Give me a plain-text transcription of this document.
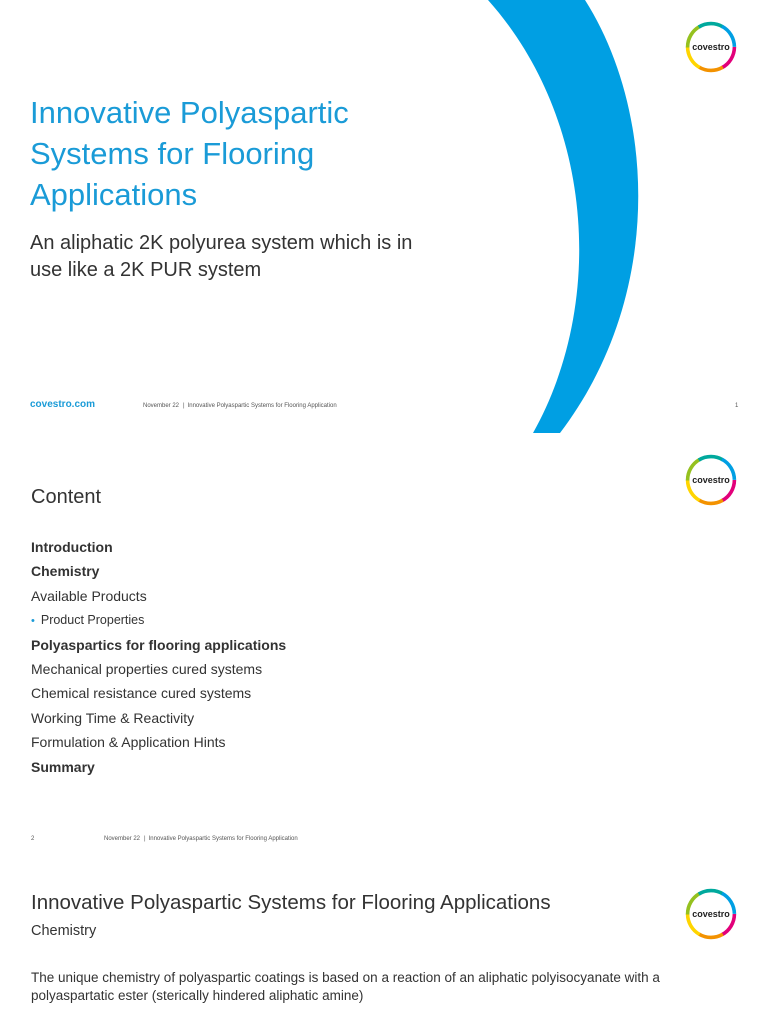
covestro
Innovative Polyaspartic
Systems for Flooring
Applications
An aliphatic 2K polyurea system which is in
use like a 2K PUR system
covestro.com	November 22 | Innovative Polyaspartic Systems for Flooring Application	1
covestro
Content
Introduction
Chemistry
Available Products
• Product Properties
Polyaspartics for flooring applications
Mechanical properties cured systems
Chemical resistance cured systems
Working Time & Reactivity
Formulation & Application Hints
Summary
2	November 22 | Innovative Polyaspartic Systems for Flooring Application
covestro
Innovative Polyaspartic Systems for Flooring Applications
Chemistry
The unique chemistry of polyaspartic coatings is based on a reaction of an aliphatic polyisocyanate with a
polyaspartatic ester (sterically hindered aliphatic amine)
